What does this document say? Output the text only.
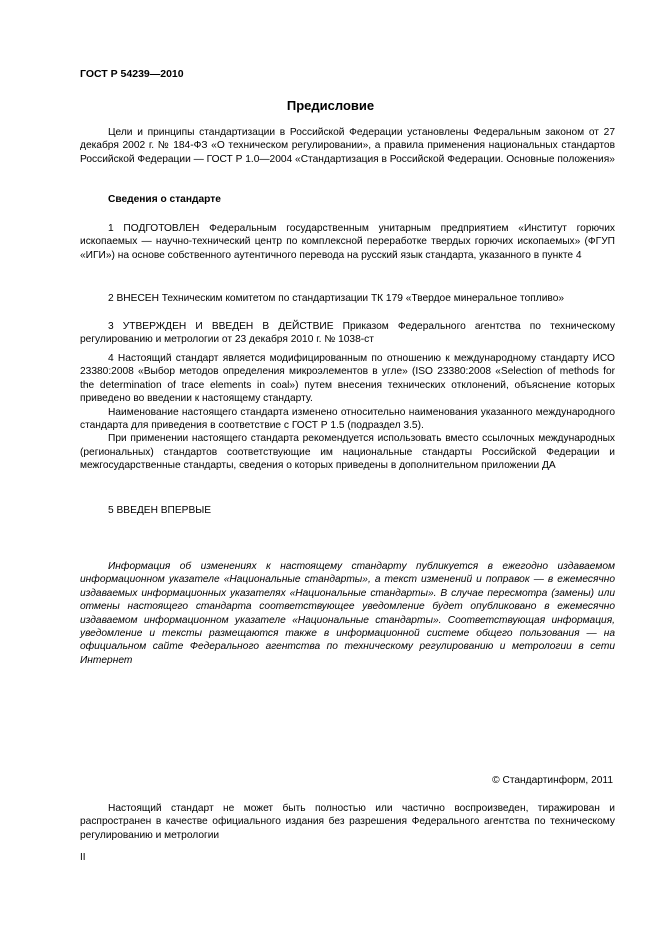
ГОСТ Р 54239—2010
Предисловие
Цели и принципы стандартизации в Российской Федерации установлены Федеральным законом от 27 декабря 2002 г. № 184-ФЗ «О техническом регулировании», а правила применения национальных стандартов Российской Федерации — ГОСТ Р 1.0—2004 «Стандартизация в Российской Федерации. Основные положения»
Сведения о стандарте
1 ПОДГОТОВЛЕН Федеральным государственным унитарным предприятием «Институт горючих ископаемых — научно-технический центр по комплексной переработке твердых горючих ископаемых» (ФГУП «ИГИ») на основе собственного аутентичного перевода на русский язык стандарта, указанного в пункте 4
2 ВНЕСЕН Техническим комитетом по стандартизации ТК 179 «Твердое минеральное топливо»
3 УТВЕРЖДЕН И ВВЕДЕН В ДЕЙСТВИЕ Приказом Федерального агентства по техническому регулированию и метрологии от 23 декабря 2010 г. № 1038-ст

4 Настоящий стандарт является модифицированным по отношению к международному стандарту ИСО 23380:2008 «Выбор методов определения микроэлементов в угле» (ISO 23380:2008 «Selection of methods for the determination of trace elements in coal») путем внесения технических отклонений, объяснение которых приведено во введении к настоящему стандарту.

Наименование настоящего стандарта изменено относительно наименования указанного международного стандарта для приведения в соответствие с ГОСТ Р 1.5 (подраздел 3.5).

При применении настоящего стандарта рекомендуется использовать вместо ссылочных международных (региональных) стандартов соответствующие им национальные стандарты Российской Федерации и межгосударственные стандарты, сведения о которых приведены в дополнительном приложении ДА

5 ВВЕДЕН ВПЕРВЫЕ
Информация об изменениях к настоящему стандарту публикуется в ежегодно издаваемом информационном указателе «Национальные стандарты», а текст изменений и поправок — в ежемесячно издаваемых информационных указателях «Национальные стандарты». В случае пересмотра (замены) или отмены настоящего стандарта соответствующее уведомление будет опубликовано в ежемесячно издаваемом информационном указателе «Национальные стандарты». Соответствующая информация, уведомление и тексты размещаются также в информационной системе общего пользования — на официальном сайте Федерального агентства по техническому регулированию и метрологии в сети Интернет
© Стандартинформ, 2011
Настоящий стандарт не может быть полностью или частично воспроизведен, тиражирован и распространен в качестве официального издания без разрешения Федерального агентства по техническому регулированию и метрологии
II
